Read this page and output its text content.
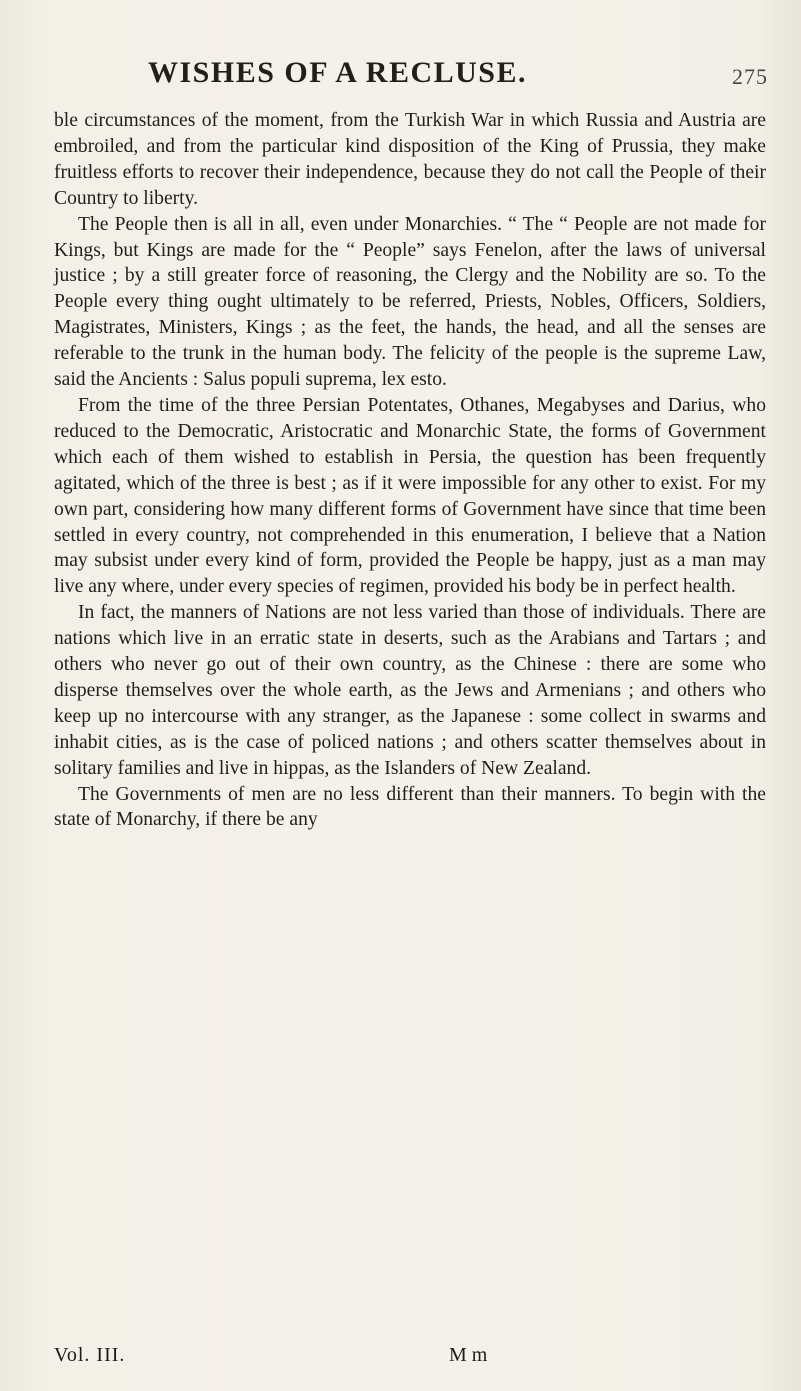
WISHES OF A RECLUSE.	275

ble circumstances of the moment, from the Turkish War in which Russia and Austria are embroiled, and from the particular kind disposition of the King of Prussia, they make fruitless efforts to recover their independence, because they do not call the People of their Country to liberty.

The People then is all in all, even under Monarchies. “ The “ People are not made for Kings, but Kings are made for the “ People” says Fenelon, after the laws of universal justice ; by a still greater force of reasoning, the Clergy and the Nobility are so. To the People every thing ought ultimately to be referred, Priests, Nobles, Officers, Soldiers, Magistrates, Ministers, Kings ; as the feet, the hands, the head, and all the senses are referable to the trunk in the human body. The felicity of the people is the supreme Law, said the Ancients : Salus populi suprema, lex esto.

From the time of the three Persian Potentates, Othanes, Megabyses and Darius, who reduced to the Democratic, Aristocratic and Monarchic State, the forms of Government which each of them wished to establish in Persia, the question has been frequently agitated, which of the three is best ; as if it were impossible for any other to exist. For my own part, considering how many different forms of Government have since that time been settled in every country, not comprehended in this enumeration, I believe that a Nation may subsist under every kind of form, provided the People be happy, just as a man may live any where, under every species of regimen, provided his body be in perfect health.

In fact, the manners of Nations are not less varied than those of individuals. There are nations which live in an erratic state in deserts, such as the Arabians and Tartars ; and others who never go out of their own country, as the Chinese : there are some who disperse themselves over the whole earth, as the Jews and Armenians ; and others who keep up no intercourse with any stranger, as the Japanese : some collect in swarms and inhabit cities, as is the case of policed nations ; and others scatter themselves about in solitary families and live in hippas, as the Islanders of New Zealand.

The Governments of men are no less different than their manners. To begin with the state of Monarchy, if there be any

Vol. III.	M m
